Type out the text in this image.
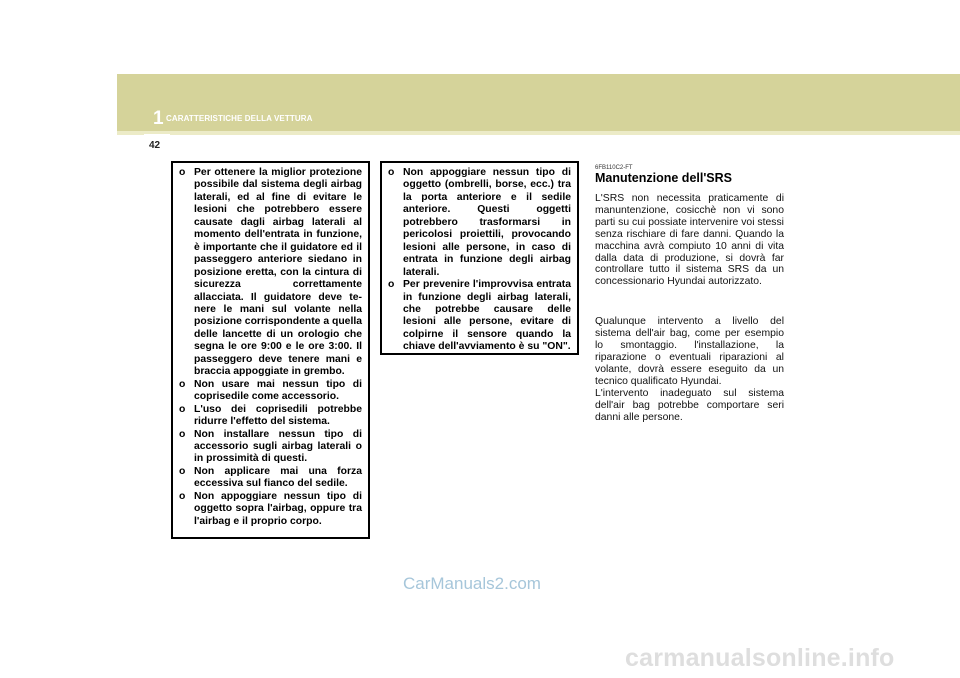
1 CARATTERISTICHE DELLA VETTURA
42
o Per ottenere la miglior protezione possibile dal sistema degli airbag laterali, ed al fine di evitare le lesioni che potrebbero essere causate dagli airbag laterali al momento dell'entrata in funzione, è importante che il guidatore ed il passeggero anteriore siedano in posizione eretta, con la cintura di sicurezza correttamente allacciata. Il guidatore deve te-nere le mani sul volante nella posizione corrispondente a quella delle lancette di un orologio che segna le ore 9:00 e le ore 3:00. Il passeggero deve tenere mani e braccia appoggiate in grembo.
o Non usare mai nessun tipo di coprisedile come accessorio.
o L'uso dei coprisedili potrebbe ridurre l'effetto del sistema.
o Non installare nessun tipo di accessorio sugli airbag laterali o in prossimità di questi.
o Non applicare mai una forza eccessiva sul fianco del sedile.
o Non appoggiare nessun tipo di oggetto sopra l'airbag, oppure tra l'airbag e il proprio corpo.
o Non appoggiare nessun tipo di oggetto (ombrelli, borse, ecc.) tra la porta anteriore e il sedile anteriore. Questi oggetti potrebbero trasformarsi in pericolosi proiettili, provocando lesioni alle persone, in caso di entrata in funzione degli airbag laterali.
o Per prevenire l'improvvisa entrata in funzione degli airbag laterali, che potrebbe causare delle lesioni alle persone, evitare di colpirne il sensore quando la chiave dell'avviamento è su "ON".
6FB110C2-FT
Manutenzione dell'SRS

L'SRS non necessita praticamente di manuntenzione, cosicchè non vi sono parti su cui possiate intervenire voi stessi senza rischiare di fare danni. Quando la macchina avrà compiuto 10 anni di vita dalla data di produzione, si dovrà far controllare tutto il sistema SRS da un concessionario Hyundai autorizzato.

Qualunque intervento a livello del sistema dell'air bag, come per esempio lo smontaggio. l'installazione, la riparazione o eventuali riparazioni al volante, dovrà essere eseguito da un tecnico qualificato Hyundai.

L'intervento inadeguato sul sistema dell'air bag potrebbe comportare seri danni alle persone.

CarManuals2.com
carmanualsonline.info
